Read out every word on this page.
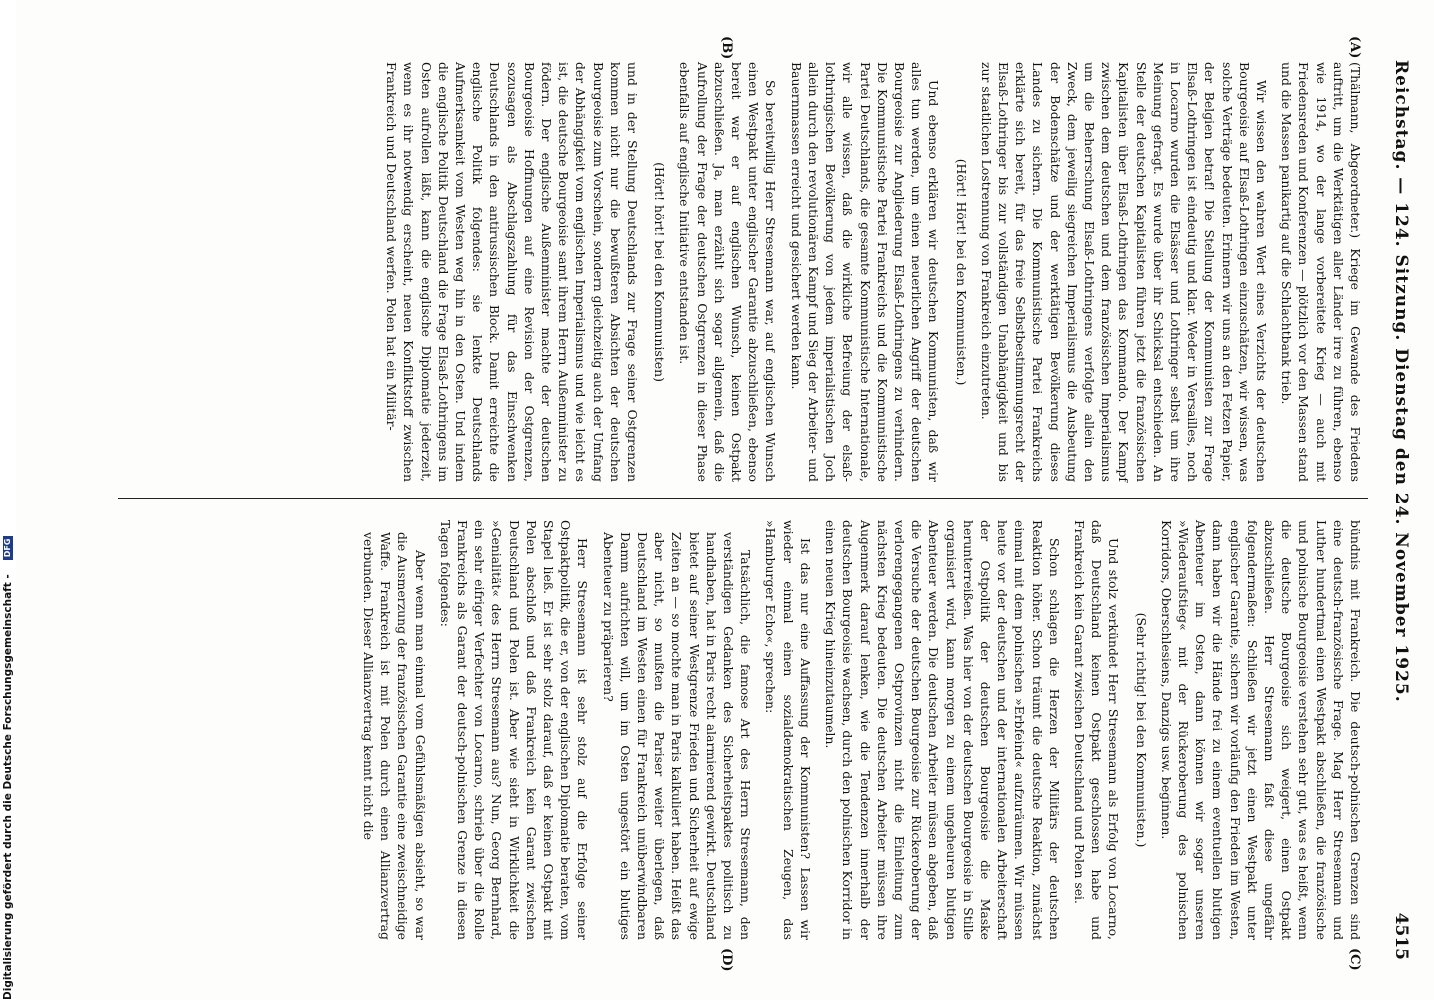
Reichstag. — 124. Sitzung. Dienstag den 24. November 1925.
4515
(A)
(B)
(C)
(D)

(Thälmann, Abgeordneter.) Kriege im Gewande des Friedens auftritt, um die Werktätigen aller Länder irre zu führen, ebenso wie 1914, wo der lange vorbereitete Krieg — auch mit Friedensreden und Konferenzen — plötzlich vor den Massen stand und die Massen panikartig auf die Schlachtbank trieb.

Wir wissen den wahren Wert eines Verzichts der deutschen Bourgeoisie auf Elsaß-Lothringen einzuschätzen, wir wissen, was solche Verträge bedeuten. Erinnern wir uns an den Fetzen Papier, der Belgien betraf! Die Stellung der Kommunisten zur Frage Elsaß-Lothringen ist eindeutig und klar. Weder in Versailles, noch in Locarno wurden die Elsässer und Lothringer selbst um ihre Meinung gefragt. Es wurde über ihr Schicksal entschieden. An Stelle der deutschen Kapitalisten führen jetzt die französischen Kapitalisten über Elsaß-Lothringen das Kommando. Der Kampf zwischen dem deutschen und dem französischen Imperialismus um die Beherrschung Elsaß-Lothringens verfolgte allein den Zweck, dem jeweilig siegreichen Imperialismus die Ausbeutung der Bodenschätze und der werktätigen Bevölkerung dieses Landes zu sichern. Die Kommunistische Partei Frankreichs erklärte sich bereit, für das freie Selbstbestimmungsrecht der Elsaß-Lothringer bis zur vollständigen Unabhängigkeit und bis zur staatlichen Lostrennung von Frankreich einzutreten.

(Hört! Hört! bei den Kommunisten.)

Und ebenso erklären wir deutschen Kommunisten, daß wir alles tun werden, um einen neuerlichen Angriff der deutschen Bourgeoisie zur Angliederung Elsaß-Lothringens zu verhindern. Die Kommunistische Partei Frankreichs und die Kommunistische Partei Deutschlands, die gesamte Kommunistische Internationale, wir alle wissen, daß die wirkliche Befreiung der elsaß-lothringischen Bevölkerung von jedem imperialistischen Joch allein durch den revolutionären Kampf und Sieg der Arbeiter- und Bauernmassen erreicht und gesichert werden kann.

So bereitwillig Herr Stresemann war, auf englischen Wunsch einen Westpakt unter englischer Garantie abzuschließen, ebenso bereit war er auf englischen Wunsch, keinen Ostpakt abzuschließen. Ja, man erzählt sich sogar allgemein, daß die Aufrollung der Frage der deutschen Ostgrenzen in dieser Phase ebenfalls auf englische Initiative entstanden ist.

(Hört! hört! bei den Kommunisten)

und in der Stellung Deutschlands zur Frage seiner Ostgrenzen kommen nicht nur die bewußteren Absichten der deutschen Bourgeoisie zum Vorschein, sondern gleichzeitig auch der Umfang der Abhängigkeit vom englischen Imperialismus und wie leicht es ist, die deutsche Bourgeoisie samt ihrem Herrn Außenminister zu födern. Der englische Außenminister machte der deutschen Bourgeoisie Hoffnungen auf eine Revision der Ostgrenzen, sozusagen als Abschlagszahlung für das Einschwenken Deutschlands in den antirussischen Block. Damit erreichte die englische Politik folgendes: sie lenkte Deutschlands Aufmerksamkeit vom Westen weg hin in den Osten. Und indem die englische Politik Deutschland die Frage Elsaß-Lothringens im Osten aufrollen läßt, kann die englische Diplomatie jederzeit, wenn es ihr notwendig erscheint, neuen Konfliktstoff zwischen Frankreich und Deutschland werfen. Polen hat ein Militär-

bündnis mit Frankreich. Die deutsch-polnischen Grenzen sind eine deutsch-französische Frage. Mag Herr Stresemann und Luther hundertmal einen Westpakt abschließen, die französische und polnische Bourgeoisie verstehen sehr gut, was es heißt, wenn die deutsche Bourgeoisie sich weigert, einen Ostpakt abzuschließen. Herr Stresemann faßt diese ungefähr folgendermaßen: Schließen wir jetzt einen Westpakt unter englischer Garantie, sichern wir vorläufig den Frieden im Westen, dann haben wir die Hände frei zu einem eventuellen blutigen Abenteuer im Osten, dann können wir sogar unseren »Wiederaufstieg« mit der Rückeroberung des polnischen Korridors, Oberschlesiens, Danzigs usw. beginnen.

(Sehr richtig! bei den Kommunisten.)

Und stolz verkündet Herr Stresemann als Erfolg von Locarno, daß Deutschland keinen Ostpakt geschlossen habe und Frankreich kein Garant zwischen Deutschland und Polen sei.

Schon schlagen die Herzen der Militärs der deutschen Reaktion höher. Schon träumt die deutsche Reaktion, zunächst einmal mit dem polnischen »Erbfeind« aufzuräumen. Wir müssen heute vor der deutschen und der internationalen Arbeiterschaft der Ostpolitik der deutschen Bourgeoisie die Maske herunterreißen. Was hier von der deutschen Bourgeoisie in Stille organisiert wird, kann morgen zu einem ungeheuren blutigen Abenteuer werden. Die deutschen Arbeiter müssen abgeben, daß die Versuche der deutschen Bourgeoisie zur Rückeroberung der verlorengegangenen Ostprovinzen nicht die Einleitung zum nächsten Krieg bedeuten. Die deutschen Arbeiter müssen ihre Augenmerk darauf lenken, wie die Tendenzen innerhalb der deutschen Bourgeoisie wachsen, durch den polnischen Korridor in einen neuen Krieg hineinzutaumeln.

Ist das nur eine Auffassung der Kommunisten? Lassen wir wieder einmal einen sozialdemokratischen Zeugen, das »Hamburger Echo«, sprechen:

Tatsächlich, die famose Art des Herrn Stresemann, den verständigen Gedanken des Sicherheitspaktes politisch zu handhaben, hat in Paris recht alarmierend gewirkt. Deutschland bietet auf seiner Westgrenze Frieden und Sicherheit auf ewige Zeiten an — so mochte man in Paris kalkuliert haben. Heißt das aber nicht, so mußten die Pariser weiter überlegen, daß Deutschland im Westen einen für Frankreich unüberwindbaren Damm aufrichten will, um im Osten ungestört ein blutiges Abenteuer zu präparieren?

Herr Stresemann ist sehr stolz auf die Erfolge seiner Ostpaktpolitik, die er, von der englischen Diplomatie beraten, vom Stapel ließ. Er ist sehr stolz darauf, daß er keinen Ostpakt mit Polen abschloß und daß Frankreich kein Garant zwischen Deutschland und Polen ist. Aber wie sieht in Wirklichkeit die »Genialität« des Herrn Stresemann aus? Nun, Georg Bernhard, ein sehr eifriger Verfechter von Locarno, schrieb über die Rolle Frankreichs als Garant der deutsch-polnischen Grenze in diesen Tagen folgendes:

Aber wenn man einmal vom Gefühlsmäßigen absieht, so war die Ausmerzung der französischen Garantie eine zweischneidige Waffe. Frankreich ist mit Polen durch einen Allianzvertrag verbunden. Dieser Allianzvertrag kennt nicht die

Digitalisierung gefördert durch die Deutsche Forschungsgemeinschaft -
DFG
